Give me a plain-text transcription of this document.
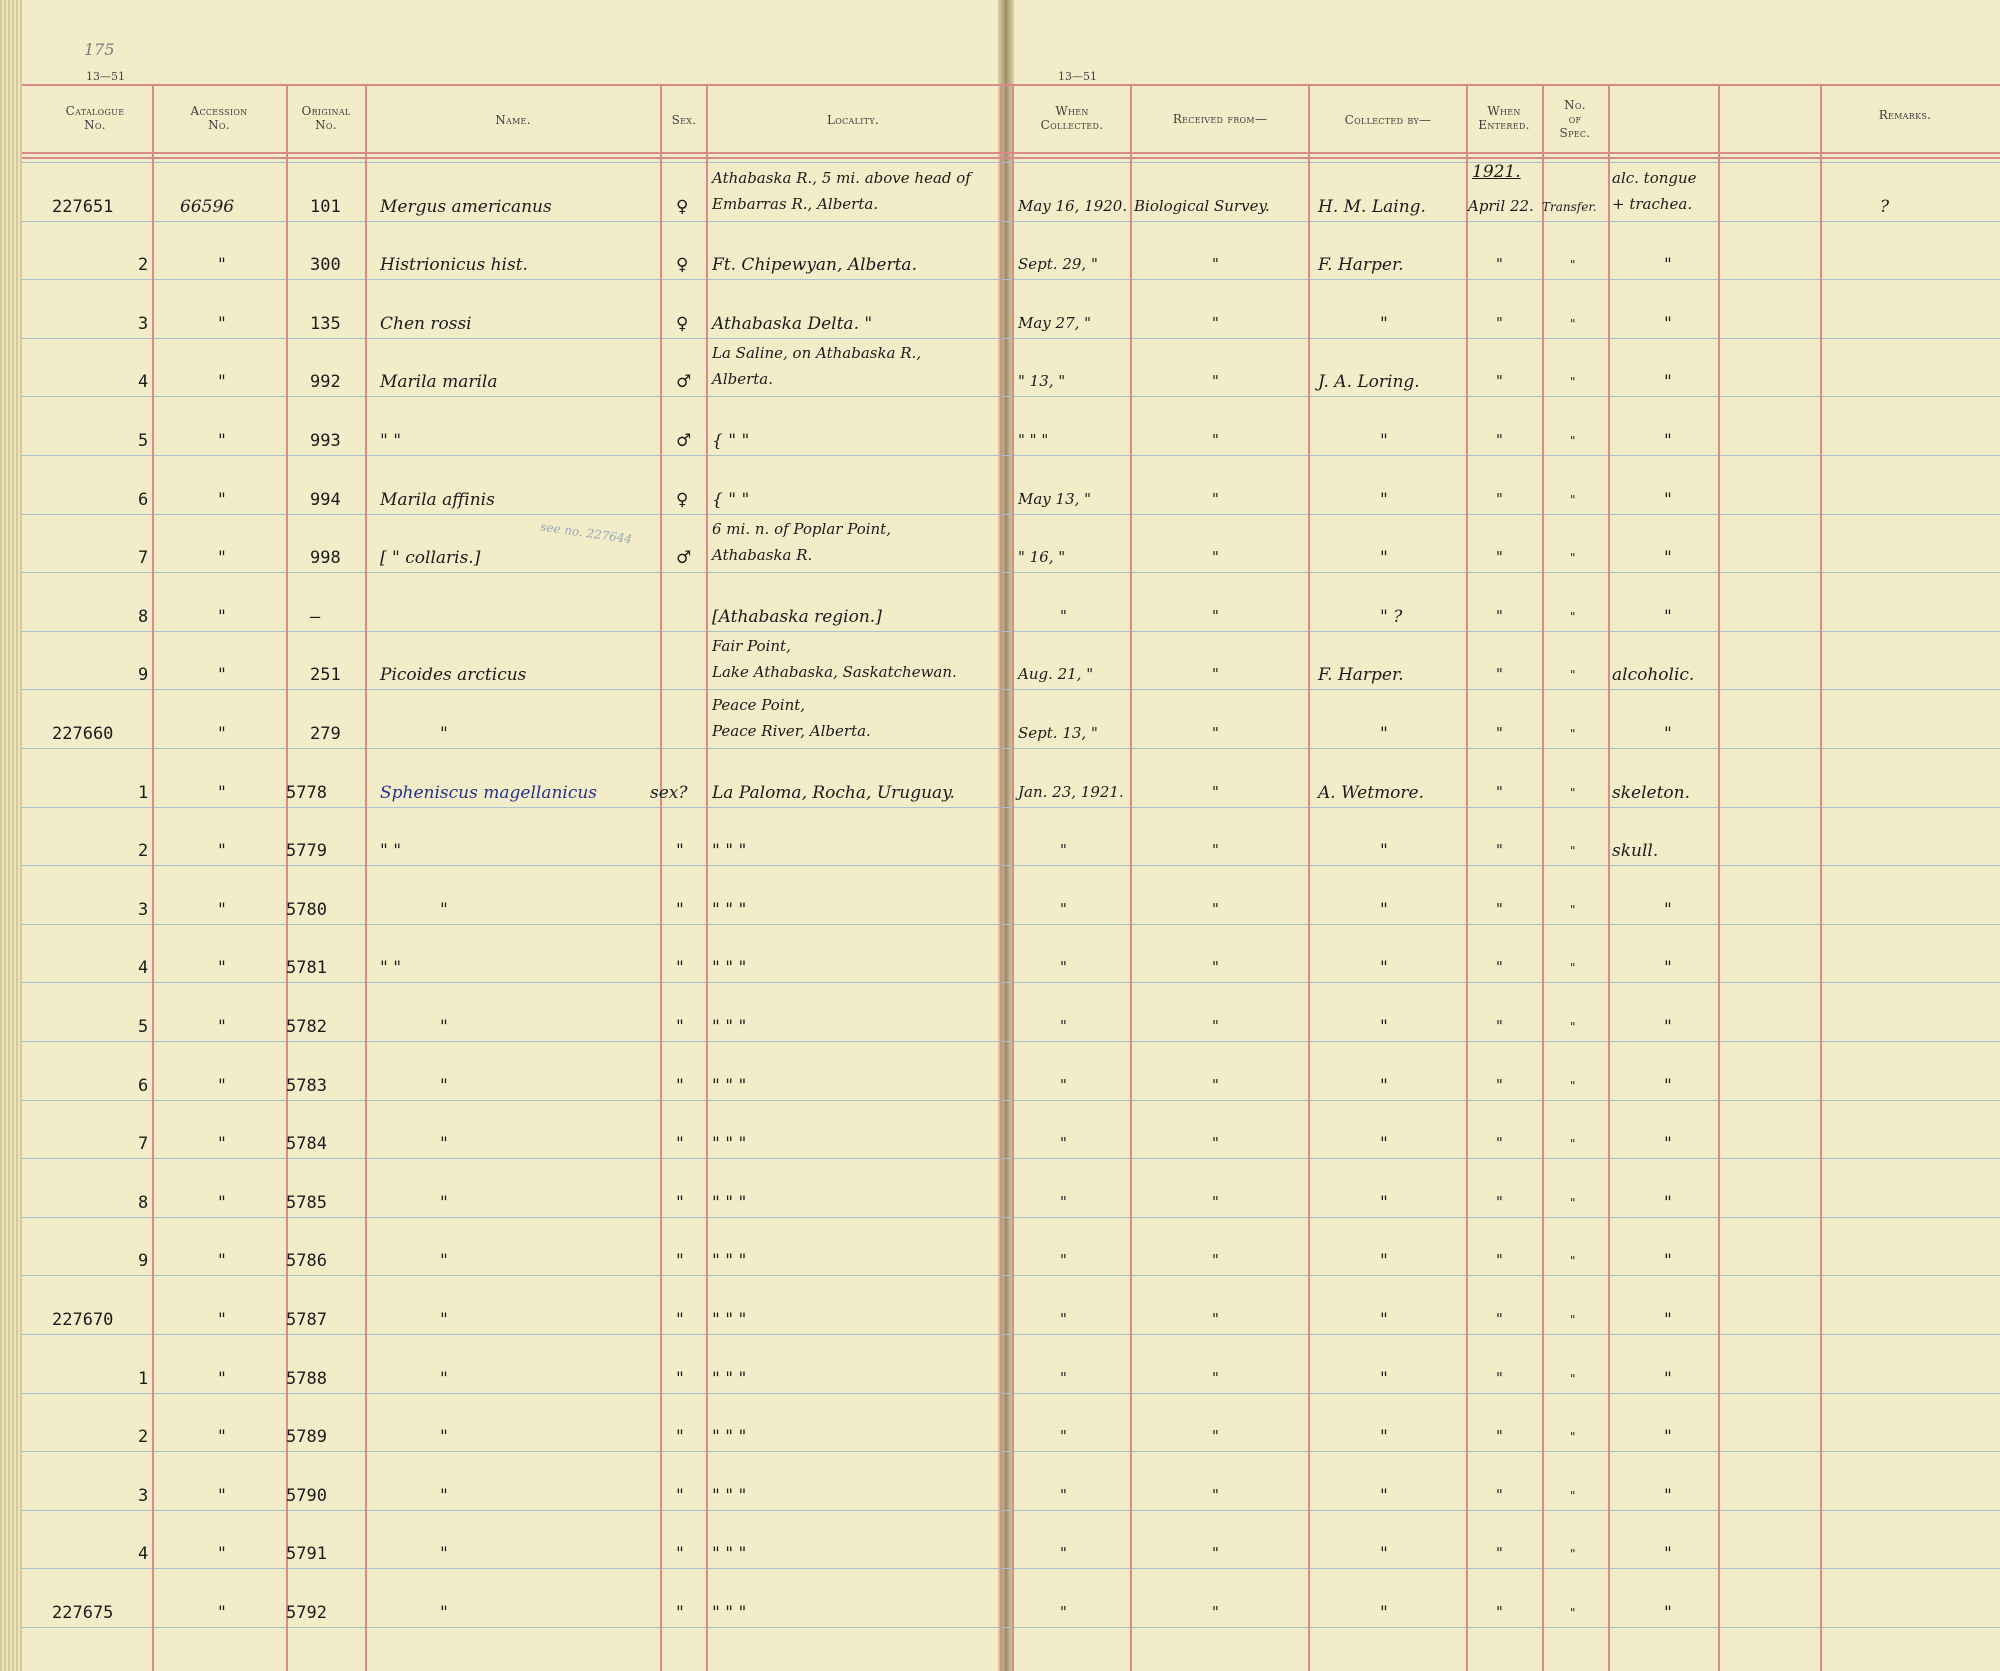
Catalogue
No.
Accession
No.
Original
No.	Name.	Sex.	Locality.
When
Collected.	Received from—	Collected by—
When
Entered.
No.
of
Spec.
Remarks.
13—51	13—51
175
1921.
227651	66596	101 Mergus americanus	♀
Athabaska R., 5 mi. above head of
Embarras R., Alberta.	May 16, 1920. Biological Survey.	H. M. Laing.	April 22. Transfer.
alc. tongue
+ trachea.	?
2	"	300 Histrionicus hist.	♀ Ft. Chipewyan, Alberta.	Sept. 29, "	"	F. Harper.	"	"	"
3	"	135 Chen rossi	♀ Athabaska Delta. "	May 27, "	"	"	"	"	"
4	"	992 Marila marila	♂
La Saline, on Athabaska R.,
Alberta.	" 13, "	"	J. A. Loring.	"	"	"
5	"	993 " "	♂ { " "	" " "	"	"	"	"	"
6	"	994 Marila affinis	♀ { " "	May 13, "	"	"	"	"	"
7	"	998 [ " collaris.]
see no. 227644
♂
6 mi. n. of Poplar Point,
Athabaska R.	" 16, "	"	"	"	"	"
8	"	—	[Athabaska region.]	"	"	" ?	"	"	"
9	"	251 Picoides arcticus
Fair Point,
Lake Athabaska, Saskatchewan.	Aug. 21, "	"	F. Harper.	"	" alcoholic.
227660	"	279	"
Peace Point,
Peace River, Alberta.	Sept. 13, "	"	"	"	"	"
1	"	5778	Spheniscus magellanicus	sex? La Paloma, Rocha, Uruguay.	Jan. 23, 1921.	"	A. Wetmore.	"	" skeleton.
2	"	5779	" "	" " " "	"	"	"	"	" skull.
3	"	5780	"	" " " "	"	"	"	"	"	"
4	"	5781	" "	" " " "	"	"	"	"	"	"
5	"	5782	"	" " " "	"	"	"	"	"	"
6	"	5783	"	" " " "	"	"	"	"	"	"
7	"	5784	"	" " " "	"	"	"	"	"	"
8	"	5785	"	" " " "	"	"	"	"	"	"
9	"	5786	"	" " " "	"	"	"	"	"	"
227670	"	5787	"	" " " "	"	"	"	"	"	"
1	"	5788	"	" " " "	"	"	"	"	"	"
2	"	5789	"	" " " "	"	"	"	"	"	"
3	"	5790	"	" " " "	"	"	"	"	"	"
4	"	5791	"	" " " "	"	"	"	"	"	"
227675	"	5792	"	" " " "	"	"	"	"	"	"
